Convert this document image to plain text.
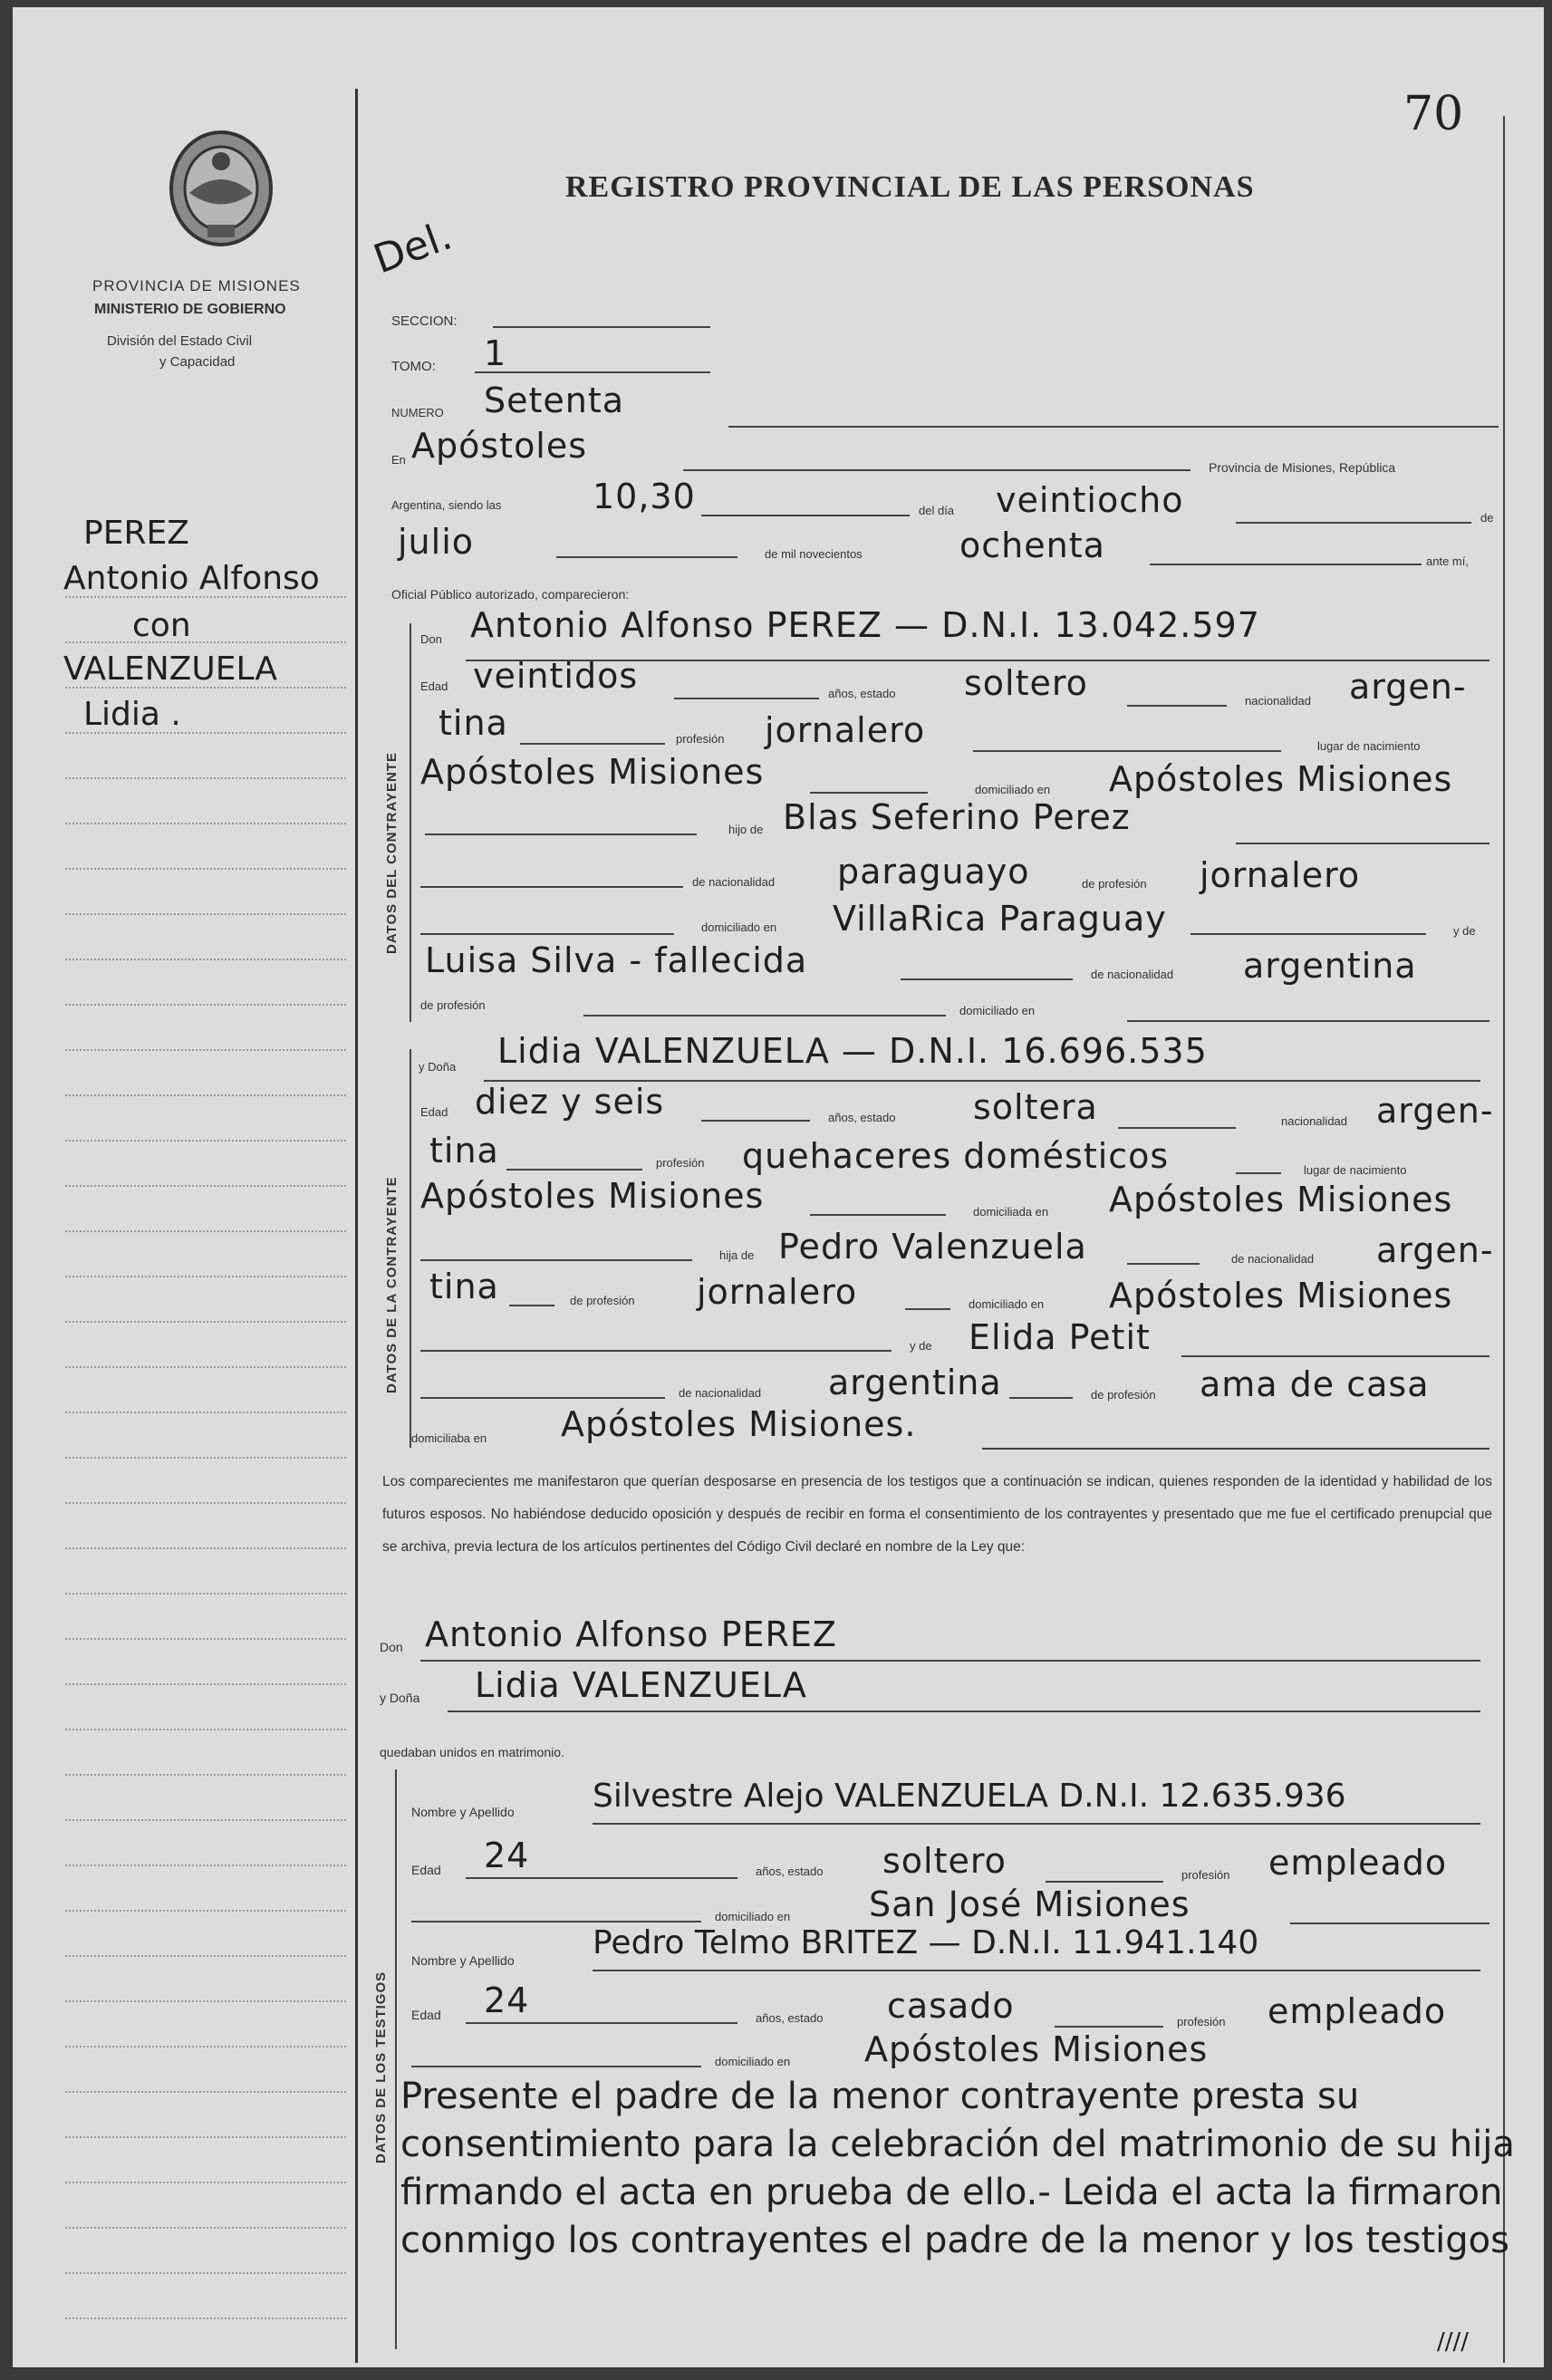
PROVINCIA DE MISIONES
MINISTERIO DE GOBIERNO
División del Estado Civil
y Capacidad
PEREZ
Antonio Alfonso
con
VALENZUELA
Lidia .
70
REGISTRO PROVINCIAL DE LAS PERSONAS
Del.
SECCION:
TOMO: 1
NUMERO Setenta
En Apóstoles
Provincia de Misiones, República
Argentina, siendo las	10,30	del día veintiocho	de
julio	de mil novecientos	ochenta	ante mí,
Oficial Público autorizado, comparecieron:
DATOS DEL CONTRAYENTE
Don Antonio Alfonso PEREZ — D.N.I. 13.042.597
Edad veintidos	años, estado soltero	nacionalidad argen-
tina	profesión jornalero	lugar de nacimiento
Apóstoles Misiones	domiciliado en Apóstoles Misiones
hijo de Blas Seferino Perez
de nacionalidad paraguayo	de profesión jornalero
domiciliado en VillaRica Paraguay	y de
Luisa Silva - fallecida	de nacionalidad argentina
de profesión	domiciliado en
DATOS DE LA CONTRAYENTE
y Doña Lidia VALENZUELA — D.N.I. 16.696.535
Edad diez y seis	años, estado soltera	nacionalidad argen-
tina	profesión quehaceres domésticos	lugar de nacimiento
Apóstoles Misiones	domiciliada en Apóstoles Misiones
hija de Pedro Valenzuela	de nacionalidad argen-
tina	de profesión jornalero	domiciliado en Apóstoles Misiones
y de Elida Petit
de nacionalidad argentina	de profesión ama de casa
domiciliaba en Apóstoles Misiones.
Los comparecientes me manifestaron que querían desposarse en presencia de los testigos que a continuación se indican, quienes responden de la identidad y habilidad de los futuros esposos. No habiéndose deducido oposición y después de recibir en forma el consentimiento de los contrayentes y presentado que me fue el certificado prenupcial que se archiva, previa lectura de los artículos pertinentes del Código Civil declaré en nombre de la Ley que:
Don Antonio Alfonso PEREZ
y Doña Lidia VALENZUELA
quedaban unidos en matrimonio.
DATOS DE LOS TESTIGOS
Nombre y Apellido Silvestre Alejo VALENZUELA D.N.I. 12.635.936
Edad 24	años, estado soltero	profesión empleado
domiciliado en San José Misiones
Nombre y Apellido Pedro Telmo BRITEZ — D.N.I. 11.941.140
Edad 24	años, estado casado	profesión empleado
domiciliado en Apóstoles Misiones
Presente el padre de la menor contrayente presta su consentimiento para la celebración del matrimonio de su hija firmando el acta en prueba de ello.- Leida el acta la firmaron conmigo los contrayentes el padre de la menor y los testigos
////
